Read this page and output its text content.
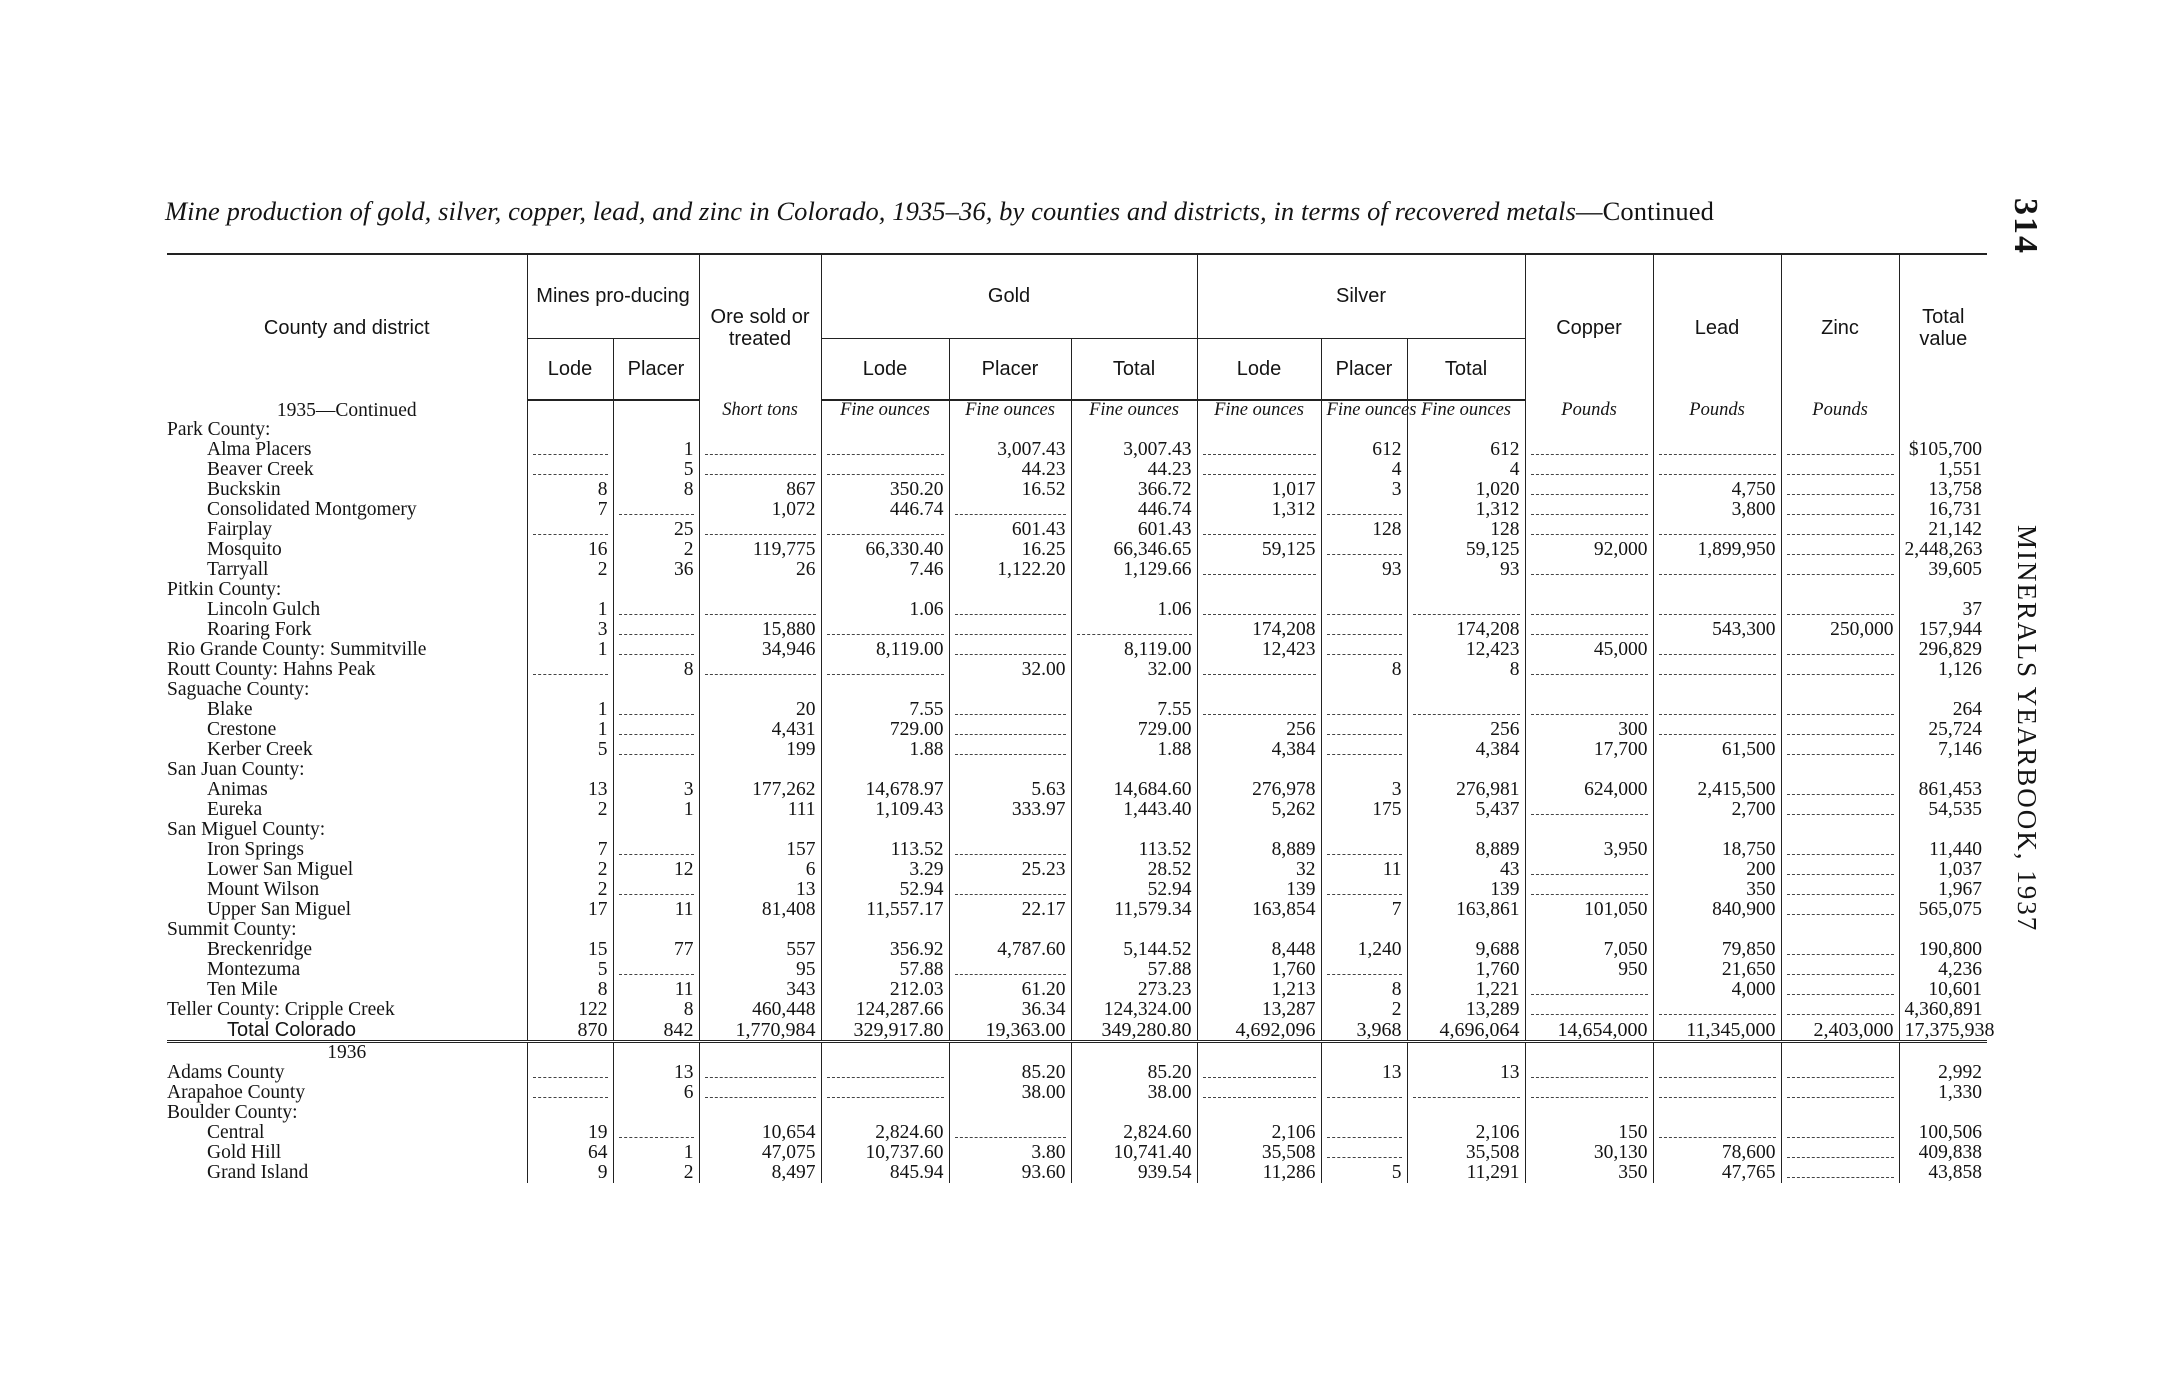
Mine production of gold, silver, copper, lead, and zinc in Colorado, 1935–36, by counties and districts, in terms of recovered metals—Continued	314
MINERALS YEARBOOK, 1937
County and district	Mines pro-ducing		Ore sold or treated	Gold			Silver			Copper	Lead	Zinc	Total value
	Lode	Placer		Lode	Placer	Total	Lode	Placer	Total				
1935—Continued			Short tons	Fine ounces	Fine ounces	Fine ounces	Fine ounces	Fine ounces	Fine ounces	Pounds	Pounds	Pounds	
Park County:													
Alma Placers		1			3,007.43	3,007.43		612	612				$105,700
Beaver Creek		5			44.23	44.23		4	4				1,551
Buckskin	8	8	867	350.20	16.52	366.72	1,017	3	1,020		4,750		13,758
Consolidated Montgomery	7		1,072	446.74		446.74	1,312		1,312		3,800		16,731
Fairplay		25			601.43	601.43		128	128				21,142
Mosquito	16	2	119,775	66,330.40	16.25	66,346.65	59,125		59,125	92,000	1,899,950		2,448,263
Tarryall	2	36	26	7.46	1,122.20	1,129.66		93	93				39,605
Pitkin County:													
Lincoln Gulch	1			1.06		1.06							37
Roaring Fork	3		15,880				174,208		174,208		543,300	250,000	157,944
Rio Grande County: Summitville	1		34,946	8,119.00		8,119.00	12,423		12,423	45,000			296,829
Routt County: Hahns Peak		8			32.00	32.00		8	8				1,126
Saguache County:													
Blake	1		20	7.55		7.55							264
Crestone	1		4,431	729.00		729.00	256		256	300			25,724
Kerber Creek	5		199	1.88		1.88	4,384		4,384	17,700	61,500		7,146
San Juan County:													
Animas	13	3	177,262	14,678.97	5.63	14,684.60	276,978	3	276,981	624,000	2,415,500		861,453
Eureka	2	1	111	1,109.43	333.97	1,443.40	5,262	175	5,437		2,700		54,535
San Miguel County:													
Iron Springs	7		157	113.52		113.52	8,889		8,889	3,950	18,750		11,440
Lower San Miguel	2	12	6	3.29	25.23	28.52	32	11	43		200		1,037
Mount Wilson	2		13	52.94		52.94	139		139		350		1,967
Upper San Miguel	17	11	81,408	11,557.17	22.17	11,579.34	163,854	7	163,861	101,050	840,900		565,075
Summit County:													
Breckenridge	15	77	557	356.92	4,787.60	5,144.52	8,448	1,240	9,688	7,050	79,850		190,800
Montezuma	5		95	57.88		57.88	1,760		1,760	950	21,650		4,236
Ten Mile	8	11	343	212.03	61.20	273.23	1,213	8	1,221		4,000		10,601
Teller County: Cripple Creek	122	8	460,448	124,287.66	36.34	124,324.00	13,287	2	13,289				4,360,891
Total Colorado	870	842	1,770,984	329,917.80	19,363.00	349,280.80	4,692,096	3,968	4,696,064	14,654,000	11,345,000	2,403,000	17,375,938
1936													
Adams County		13			85.20	85.20		13	13				2,992
Arapahoe County		6			38.00	38.00							1,330
Boulder County:													
Central	19		10,654	2,824.60		2,824.60	2,106		2,106	150			100,506
Gold Hill	64	1	47,075	10,737.60	3.80	10,741.40	35,508		35,508	30,130	78,600		409,838
Grand Island	9	2	8,497	845.94	93.60	939.54	11,286	5	11,291	350	47,765		43,858
